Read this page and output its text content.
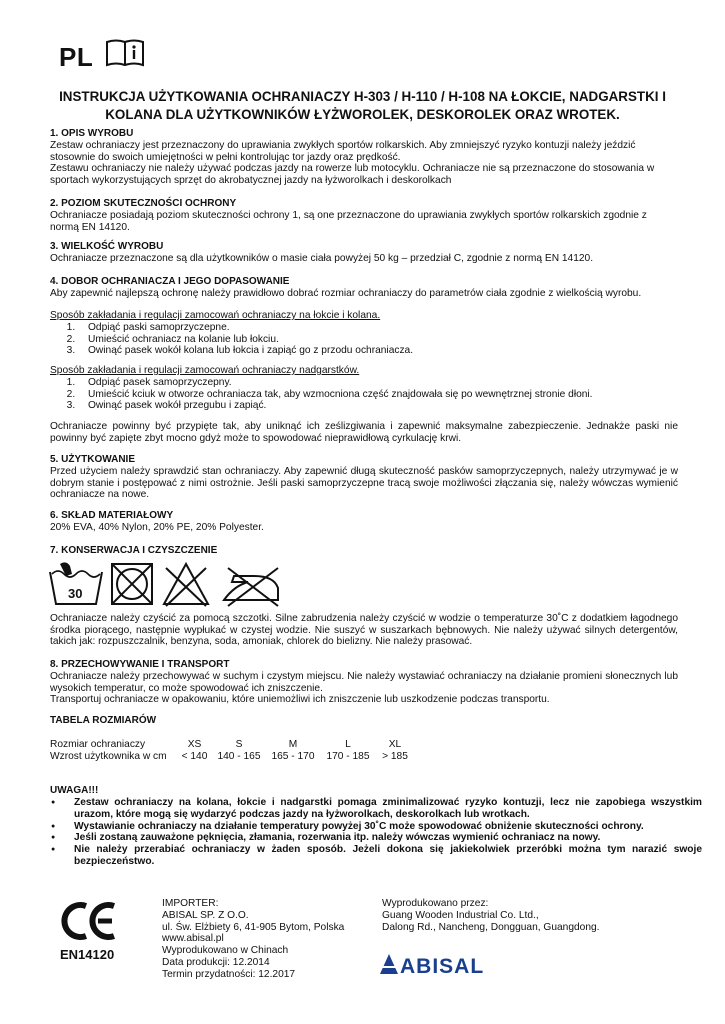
PL
INSTRUKCJA UŻYTKOWANIA OCHRANIACZY H-303 / H-110 / H-108 NA ŁOKCIE, NADGARSTKI I KOLANA DLA UŻYTKOWNIKÓW ŁYŻWOROLEK, DESKOROLEK ORAZ WROTEK.
1. OPIS WYROBU
Zestaw ochraniaczy jest przeznaczony do uprawiania zwykłych sportów rolkarskich. Aby zmniejszyć ryzyko kontuzji należy jeździć stosownie do swoich umiejętności w pełni kontrolując tor jazdy oraz prędkość.
Zestawu ochraniaczy nie należy używać podczas jazdy na rowerze lub motocyklu. Ochraniacze nie są przeznaczone do stosowania w sportach wykorzystujących sprzęt do akrobatycznej jazdy na łyżworolkach i deskorolkach
2. POZIOM SKUTECZNOŚCI OCHRONY
Ochraniacze posiadają poziom skuteczności ochrony 1, są one przeznaczone do uprawiania zwykłych sportów rolkarskich zgodnie z normą EN 14120.
3. WIELKOŚĆ WYROBU
Ochraniacze przeznaczone są dla użytkowników o masie ciała powyżej 50 kg – przedział C, zgodnie z normą EN 14120.
4. DOBOR OCHRANIACZA I JEGO DOPASOWANIE
Aby zapewnić najlepszą ochronę należy prawidłowo dobrać rozmiar ochraniaczy do parametrów ciała zgodnie z wielkością wyrobu.
Sposób zakładania i regulacji zamocowań ochraniaczy na łokcie i kolana.
1. Odpiąć paski samoprzyczepne.
2. Umieścić ochraniacz na kolanie lub łokciu.
3. Owinąć pasek wokół kolana lub łokcia i zapiąć go z przodu ochraniacza.
Sposób zakładania i regulacji zamocowań ochraniaczy nadgarstków.
1. Odpiąć pasek samoprzyczepny.
2. Umieścić kciuk w otworze ochraniacza tak, aby wzmocniona część znajdowała się po wewnętrznej stronie dłoni.
3. Owinąć pasek wokół przegubu i zapiąć.
Ochraniacze powinny być przypięte tak, aby uniknąć ich ześlizgiwania i zapewnić maksymalne zabezpieczenie. Jednakże paski nie powinny być zapięte zbyt mocno gdyż może to spowodować nieprawidłową cyrkulację krwi.
5. UŻYTKOWANIE
Przed użyciem należy sprawdzić stan ochraniaczy. Aby zapewnić długą skuteczność pasków samoprzyczepnych, należy utrzymywać je w dobrym stanie i postępować z nimi ostrożnie. Jeśli paski samoprzyczepne tracą swoje możliwości złączania się, należy wówczas wymienić ochraniacze na nowe.
6. SKŁAD MATERIAŁOWY
20% EVA, 40% Nylon, 20% PE, 20% Polyester.
7. KONSERWACJA I CZYSZCZENIE
30
Ochraniacze należy czyścić za pomocą szczotki. Silne zabrudzenia należy czyścić w wodzie o temperaturze 30˚C z dodatkiem łagodnego środka piorącego, następnie wypłukać w czystej wodzie. Nie suszyć w suszarkach bębnowych. Nie należy używać silnych detergentów, takich jak: rozpuszczalnik, benzyna, soda, amoniak, chlorek do bielizny. Nie należy prasować.
8. PRZECHOWYWANIE I TRANSPORT
Ochraniacze należy przechowywać w suchym i czystym miejscu. Nie należy wystawiać ochraniaczy na działanie promieni słonecznych lub wysokich temperatur, co może spowodować ich zniszczenie.
Transportuj ochraniacze w opakowaniu, które uniemożliwi ich zniszczenie lub uszkodzenie podczas transportu.
TABELA ROZMIARÓW
Rozmiar ochraniaczy	XS	S	M	L	XL
Wzrost użytkownika w cm	< 140	140 - 165	165 - 170	170 - 185	> 185
UWAGA!!!
● Zestaw ochraniaczy na kolana, łokcie i nadgarstki pomaga zminimalizować ryzyko kontuzji, lecz nie zapobiega wszystkim urazom, które mogą się wydarzyć podczas jazdy na łyżworolkach, deskorolkach lub wrotkach.
● Wystawianie ochraniaczy na działanie temperatury powyżej 30˚C może spowodować obniżenie skuteczności ochrony.
● Jeśli zostaną zauważone pęknięcia, złamania, rozerwania itp. należy wówczas wymienić ochraniacz na nowy.
● Nie należy przerabiać ochraniaczy w żaden sposób. Jeżeli dokona się jakiekolwiek przeróbki można tym narazić swoje bezpieczeństwo.
EN14120
IMPORTER:
ABISAL SP. Z O.O.
ul. Św. Elżbiety 6, 41-905 Bytom, Polska
www.abisal.pl
Wyprodukowano w Chinach
Data produkcji: 12.2014
Termin przydatności: 12.2017
Wyprodukowano przez:
Guang Wooden Industrial Co. Ltd.,
Dalong Rd., Nancheng, Dongguan, Guangdong.
ABISAL
